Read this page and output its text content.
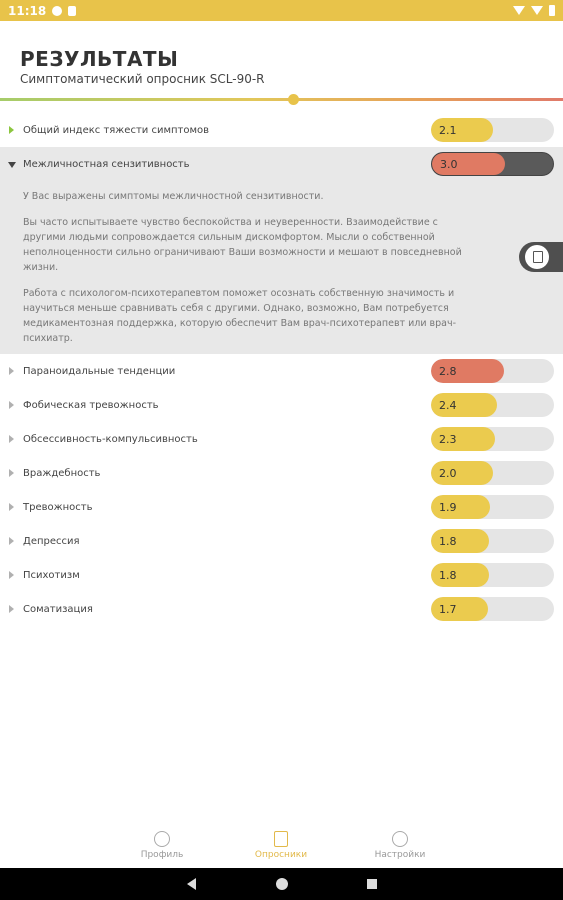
11:18
РЕЗУЛЬТАТЫ
Симптоматический опросник SCL-90-R
Общий индекс тяжести симптомов	2.1
Межличностная сензитивность	3.0

У Вас выражены симптомы межличностной сензитивности.

Вы часто испытываете чувство беспокойства и неуверенности. Взаимодействие с другими людьми сопровождается сильным дискомфортом. Мысли о собственной неполноценности сильно ограничивают Ваши возможности и мешают в повседневной жизни.

Работа с психологом-психотерапевтом поможет осознать собственную значимость и научиться меньше сравнивать себя с другими. Однако, возможно, Вам потребуется медикаментозная поддержка, которую обеспечит Вам врач-психотерапевт или врач-психиатр.

Параноидальные тенденции	2.8
Фобическая тревожность	2.4
Обсессивность-компульсивность	2.3
Враждебность	2.0
Тревожность	1.9
Депрессия	1.8
Психотизм	1.8
Соматизация	1.7
Профиль	Опросники	Настройки
